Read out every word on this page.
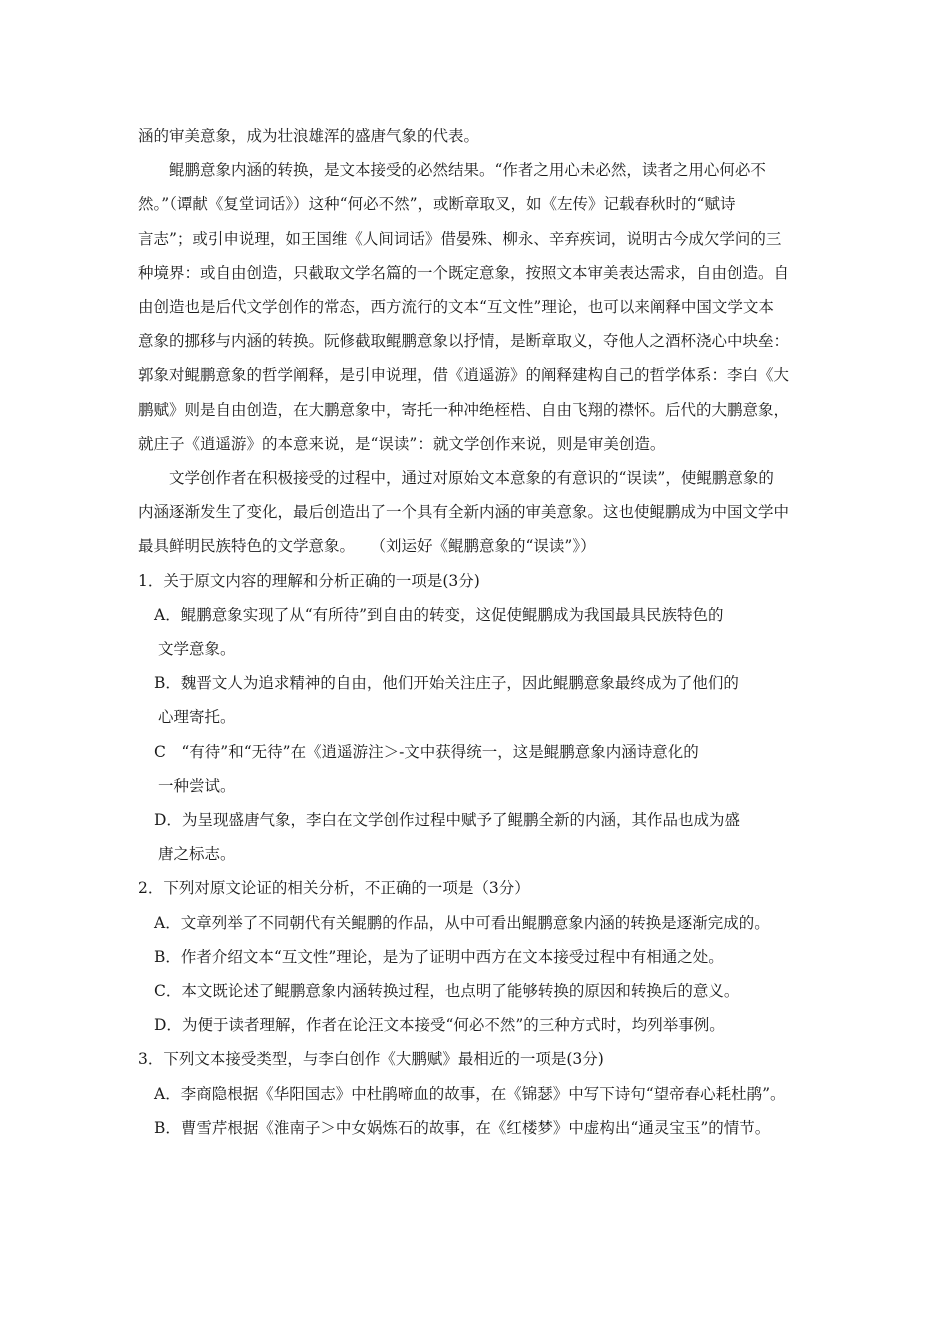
涵的审美意象，成为壮浪雄浑的盛唐气象的代表。
　　鲲鹏意象内涵的转换，是文本接受的必然结果。“作者之用心未必然，读者之用心何必不
然。”（谭献《复堂词话》）这种“何必不然”，或断章取叉，如《左传》记载春秋时的“赋诗
言志”；或引申说理，如王国维《人间词话》借晏殊、柳永、辛弃疾词，说明古今成欠学问的三
种境界：或自由创造，只截取文学名篇的一个既定意象，按照文本审美表达需求，自由创造。自
由创造也是后代文学创作的常态，西方流行的文本“互文性”理论，也可以来阐释中国文学文本
意象的挪移与内涵的转换。阮修截取鲲鹏意象以抒情，是断章取义，夺他人之酒杯浇心中块垒：
郭象对鲲鹏意象的哲学阐释，是引申说理，借《逍遥游》的阐释建构自己的哲学体系：李白《大
鹏赋》则是自由创造，在大鹏意象中，寄托一种冲绝桎梏、自由飞翔的襟怀。后代的大鹏意象，
就庄子《逍遥游》的本意来说，是“误读”：就文学创作来说，则是审美创造。
　　文学创作者在积极接受的过程中，通过对原始文本意象的有意识的“误读”，使鲲鹏意象的
内涵逐渐发生了变化，最后创造出了一个具有全新内涵的审美意象。这也使鲲鹏成为中国文学中
最具鲜明民族特色的文学意象。　　（刘运好《鲲鹏意象的“误读”》）
1．关于原文内容的理解和分析正确的一项是(3分)
A．鲲鹏意象实现了从“有所待”到自由的转变，这促使鲲鹏成为我国最具民族特色的
文学意象。
B．魏晋文人为追求精神的自由，他们开始关注庄子，因此鲲鹏意象最终成为了他们的
心理寄托。
C　“有待”和“无待”在《逍遥游注＞-文中获得统一，这是鲲鹏意象内涵诗意化的
一种尝试。
D．为呈现盛唐气象，李白在文学创作过程中赋予了鲲鹏全新的内涵，其作品也成为盛
唐之标志。
2．下列对原文论证的相关分析，不正确的一项是（3分）
A．文章列举了不同朝代有关鲲鹏的作品，从中可看出鲲鹏意象内涵的转换是逐渐完成的。
B．作者介绍文本“互文性”理论，是为了证明中西方在文本接受过程中有相通之处。
C．本文既论述了鲲鹏意象内涵转换过程，也点明了能够转换的原因和转换后的意义。
D．为便于读者理解，作者在论汪文本接受“何必不然”的三种方式时，均列举事例。
3．下列文本接受类型，与李白创作《大鹏赋》最相近的一项是(3分)
A．李商隐根据《华阳国志》中杜鹃啼血的故事，在《锦瑟》中写下诗句“望帝春心耗杜鹃”。
B．曹雪芹根据《淮南子＞中女娲炼石的故事，在《红楼梦》中虚构出“通灵宝玉”的情节。
